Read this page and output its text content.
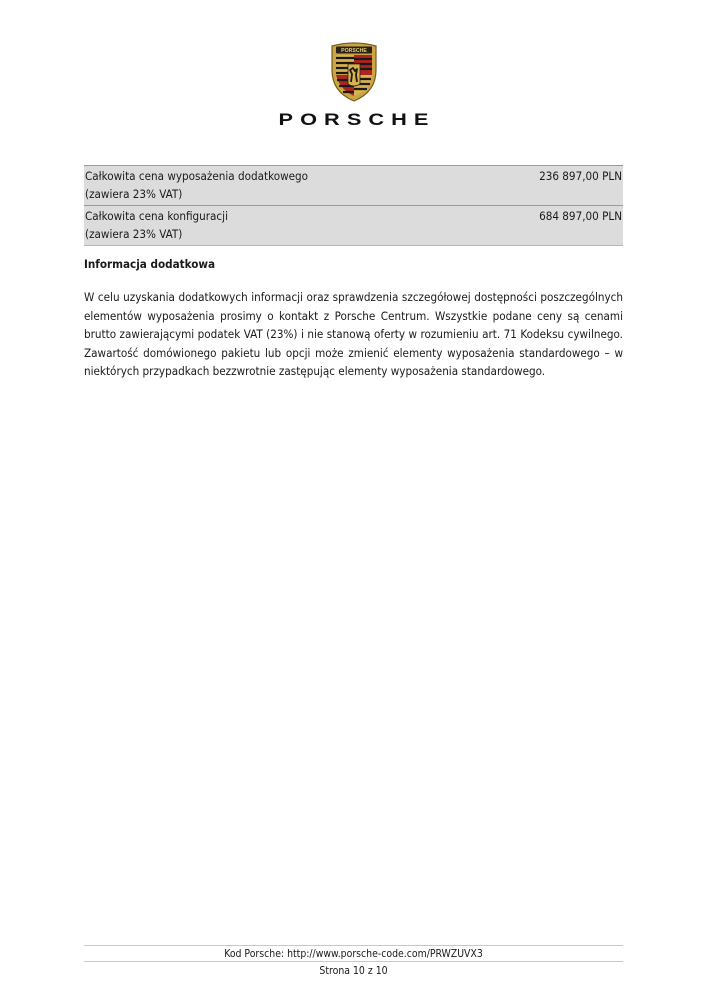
PORSCHE
PORSCHE
Całkowita cena wyposażenia dodatkowego
(zawiera 23% VAT)
236 897,00 PLN
Całkowita cena konfiguracji
(zawiera 23% VAT)
684 897,00 PLN
Informacja dodatkowa

W celu uzyskania dodatkowych informacji oraz sprawdzenia szczegółowej dostępności poszczególnych elementów wyposażenia prosimy o kontakt z Porsche Centrum. Wszystkie podane ceny są cenami brutto zawierającymi podatek VAT (23%) i nie stanową oferty w rozumieniu art. 71 Kodeksu cywilnego. Zawartość domówionego pakietu lub opcji może zmienić elementy wyposażenia standardowego – w niektórych przypadkach bezzwrotnie zastępując elementy wyposażenia standardowego.

Kod Porsche: http://www.porsche-code.com/PRWZUVX3
Strona 10 z 10
